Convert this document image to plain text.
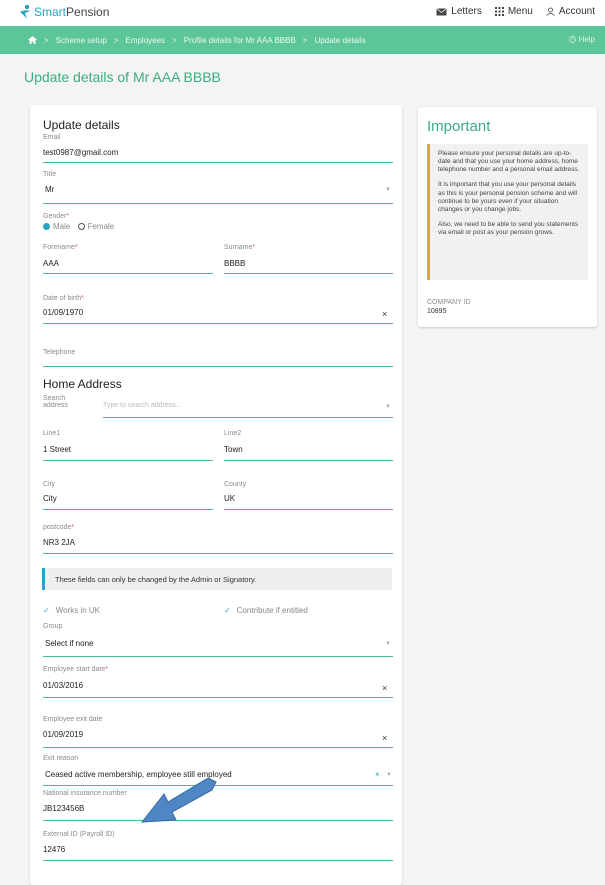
SmartPension	Letters	Menu	Account
> Scheme setup > Employees > Profile details for Mr AAA BBBB > Update details	? Help
Update details of Mr AAA BBBB
Update details
Email
test0987@gmail.com
Title
Mr	▼
Gender*
Male Female
Forename*
AAA
Surname*
BBBB
Date of birth*
01/09/1970	×
Telephone
Home Address
Search
address	Type to search address...	▼
Line1
1 Street
Line2
Town
City
City
County
UK
postcode*
NR3 2JA
These fields can only be changed by the Admin or Signatory.
✓ Works in UK	✓ Contribute if entitled
Group
Select if none	▼
Employee start date*
01/03/2016	×
Employee exit date
01/09/2019	×
Exit reason
Ceased active membership, employee still employed	× ▼
National insurance number
JB123456B
External ID (Payroll ID)
12476
Important

Please ensure your personal details are up-to-date and that you use your home address, home telephone number and a personal email address.

It is important that you use your personal details as this is your personal pension scheme and will continue to be yours even if your situation changes or you change jobs.

Also, we need to be able to send you statements via email or post as your pension grows.

COMPANY ID
10895
